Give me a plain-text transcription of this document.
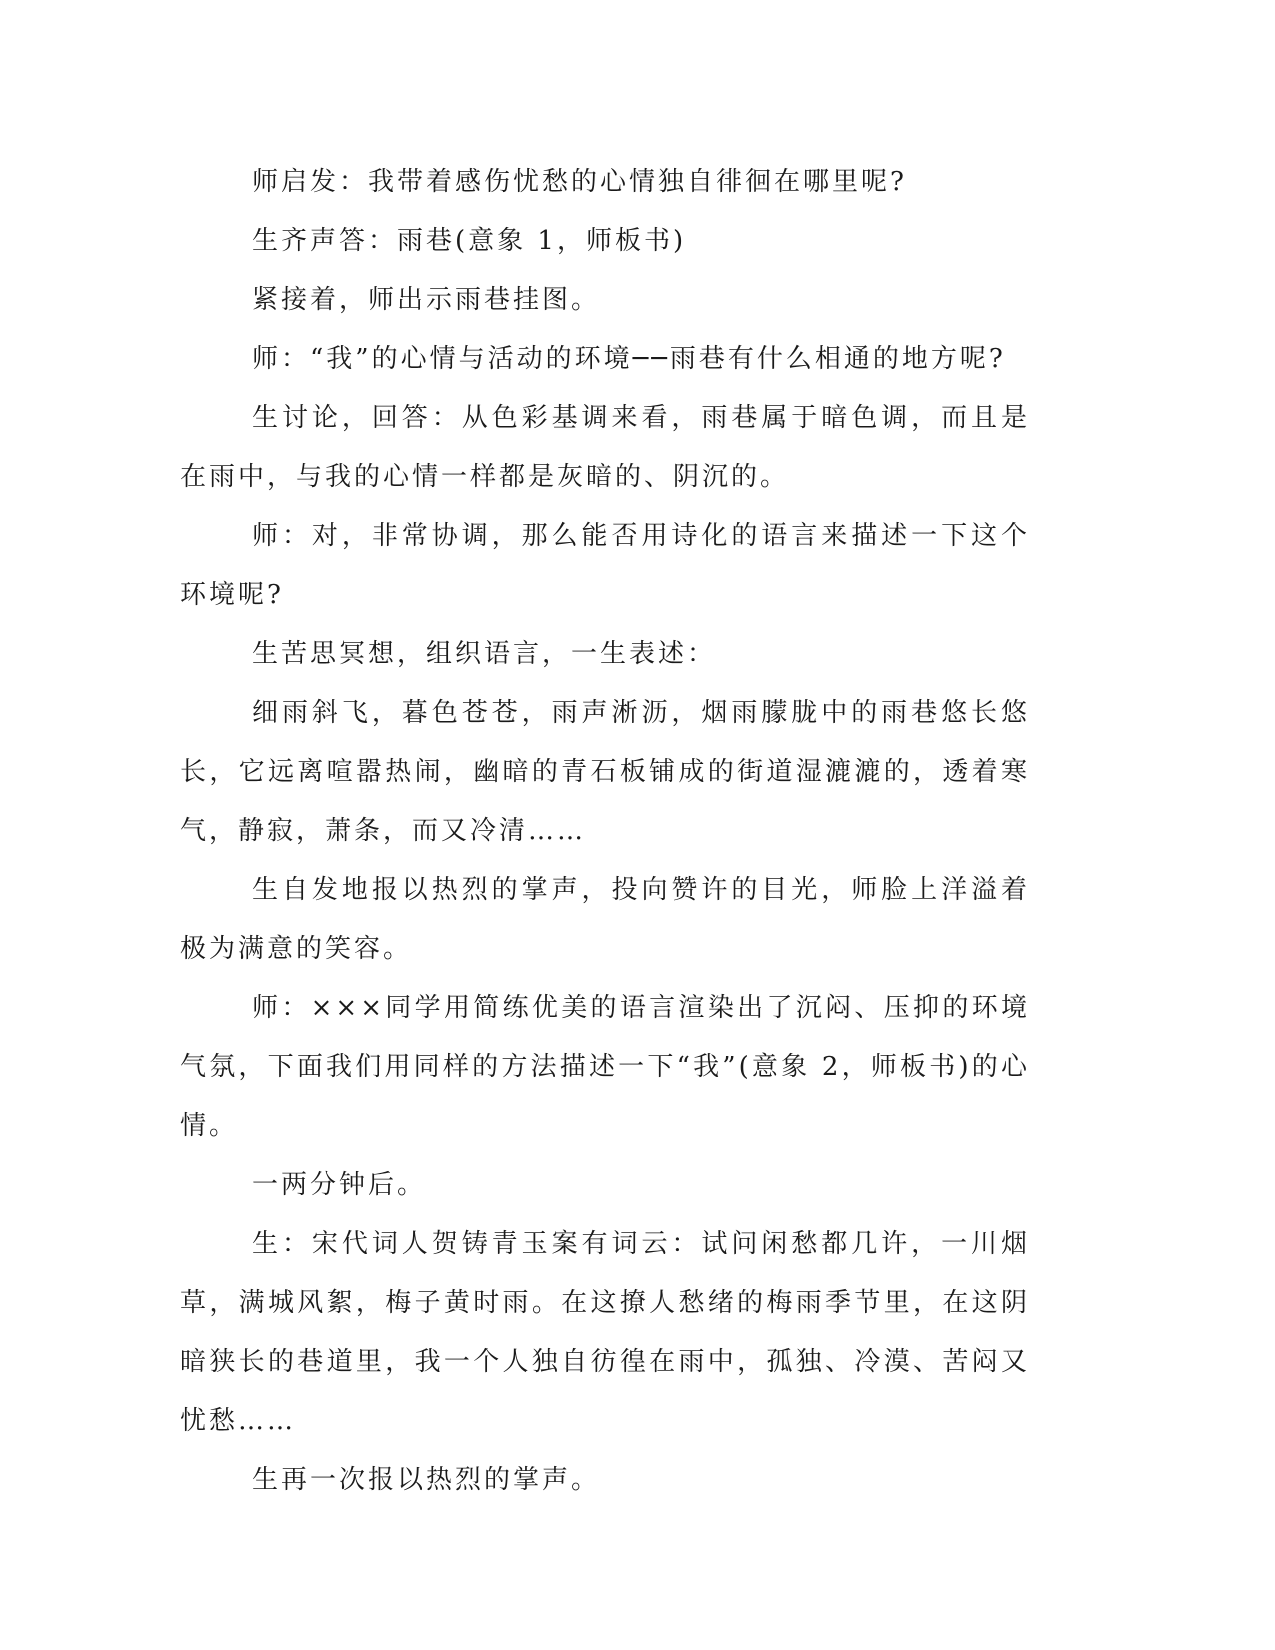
师启发：我带着感伤忧愁的心情独自徘徊在哪里呢?

生齐声答：雨巷(意象 1，师板书)

紧接着，师出示雨巷挂图。

师：“我”的心情与活动的环境──雨巷有什么相通的地方呢?

生讨论，回答：从色彩基调来看，雨巷属于暗色调，而且是在雨中，与我的心情一样都是灰暗的、阴沉的。

师：对，非常协调，那么能否用诗化的语言来描述一下这个环境呢?

生苦思冥想，组织语言，一生表述：

细雨斜飞，暮色苍苍，雨声淅沥，烟雨朦胧中的雨巷悠长悠长，它远离喧嚣热闹，幽暗的青石板铺成的街道湿漉漉的，透着寒气，静寂，萧条，而又冷清……

生自发地报以热烈的掌声，投向赞许的目光，师脸上洋溢着极为满意的笑容。

师：×××同学用简练优美的语言渲染出了沉闷、压抑的环境气氛，下面我们用同样的方法描述一下“我”(意象 2，师板书)的心情。

一两分钟后。

生：宋代词人贺铸青玉案有词云：试问闲愁都几许，一川烟草，满城风絮，梅子黄时雨。在这撩人愁绪的梅雨季节里，在这阴暗狭长的巷道里，我一个人独自彷徨在雨中，孤独、冷漠、苦闷又忧愁……

生再一次报以热烈的掌声。
